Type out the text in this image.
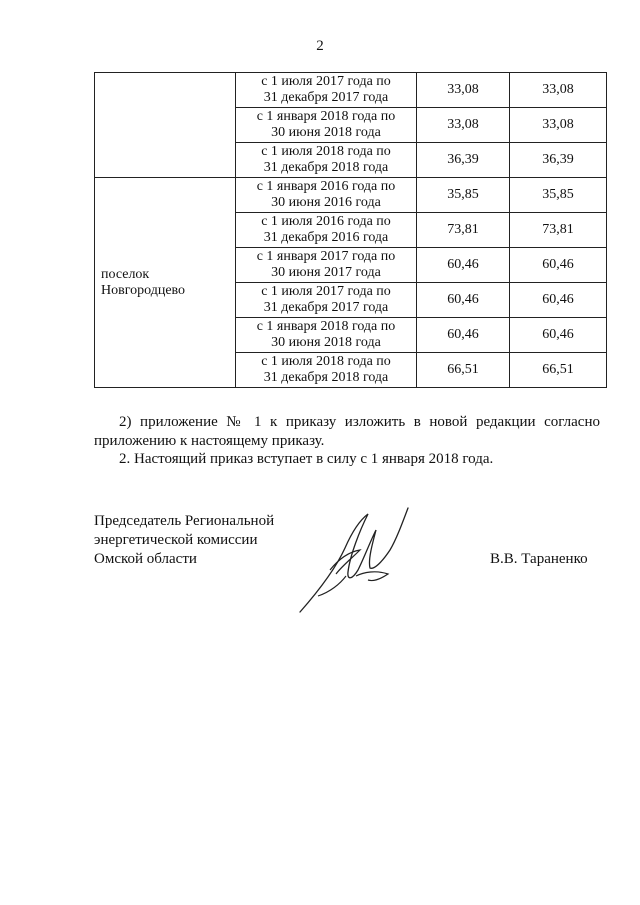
2

	с 1 июля 2017 года по
31 декабря 2017 года	33,08	33,08

	с 1 января 2018 года по
30 июня 2018 года	33,08	33,08

	с 1 июля 2018 года по
31 декабря 2018 года	36,39	36,39

поселок
Новгородцево	с 1 января 2016 года по
30 июня 2016 года	35,85	35,85

	с 1 июля 2016 года по
31 декабря 2016 года	73,81	73,81

	с 1 января 2017 года по
30 июня 2017 года	60,46	60,46

	с 1 июля 2017 года по
31 декабря 2017 года	60,46	60,46

	с 1 января 2018 года по
30 июня 2018 года	60,46	60,46

	с 1 июля 2018 года по
31 декабря 2018 года	66,51	66,51
2) приложение № 1 к приказу изложить в новой редакции согласно приложению к настоящему приказу.
2. Настоящий приказ вступает в силу с 1 января 2018 года.
Председатель Региональной
энергетической комиссии
Омской области	В.В. Тараненко
